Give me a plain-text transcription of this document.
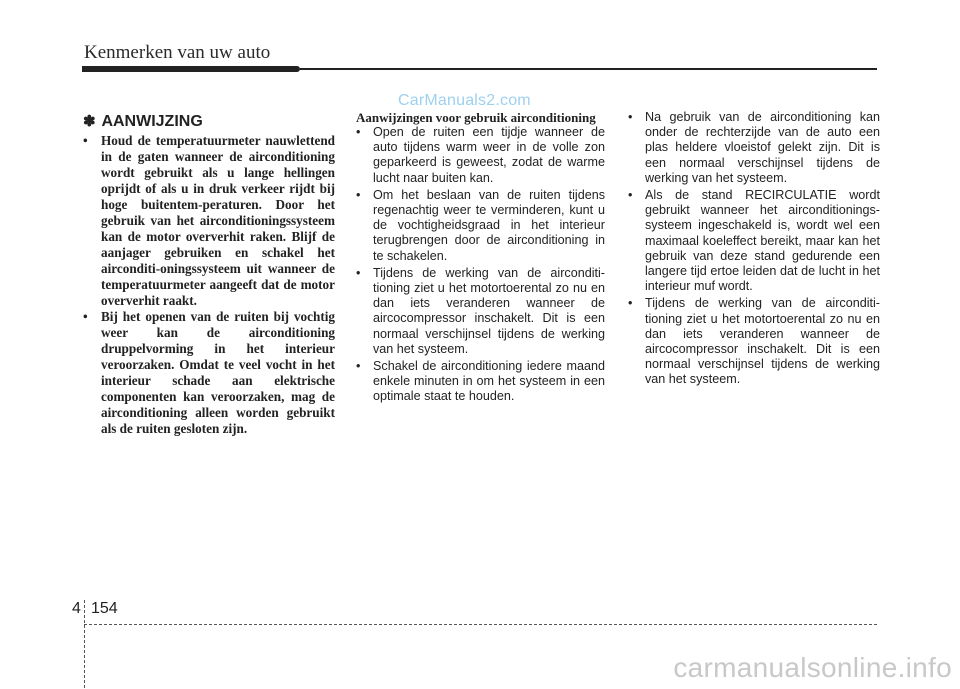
Kenmerken van uw auto
CarManuals2.com
✽ AANWIJZING
• Houd de temperatuurmeter nauwlettend in de gaten wanneer de airconditioning wordt gebruikt als u lange hellingen oprijdt of als u in druk verkeer rijdt bij hoge buitentem-peraturen. Door het gebruik van het airconditioningssysteem kan de motor oververhit raken. Blijf de aanjager gebruiken en schakel het airconditi-oningssysteem uit wanneer de temperatuurmeter aangeeft dat de motor oververhit raakt.
• Bij het openen van de ruiten bij vochtig weer kan de airconditioning druppelvorming in het interieur veroorzaken. Omdat te veel vocht in het interieur schade aan elektrische componenten kan veroorzaken, mag de airconditioning alleen worden gebruikt als de ruiten gesloten zijn.
Aanwijzingen voor gebruik airconditioning
• Open de ruiten een tijdje wanneer de auto tijdens warm weer in de volle zon geparkeerd is geweest, zodat de warme lucht naar buiten kan.
• Om het beslaan van de ruiten tijdens regenachtig weer te verminderen, kunt u de vochtigheidsgraad in het interieur terugbrengen door de airconditioning in te schakelen.
• Tijdens de werking van de airconditi-tioning ziet u het motortoerental zo nu en dan iets veranderen wanneer de aircocompressor inschakelt. Dit is een normaal verschijnsel tijdens de werking van het systeem.
• Schakel de airconditioning iedere maand enkele minuten in om het systeem in een optimale staat te houden.
• Na gebruik van de airconditioning kan onder de rechterzijde van de auto een plas heldere vloeistof gelekt zijn. Dit is een normaal verschijnsel tijdens de werking van het systeem.
• Als de stand RECIRCULATIE wordt gebruikt wanneer het airconditionings-systeem ingeschakeld is, wordt wel een maximaal koeleffect bereikt, maar kan het gebruik van deze stand gedurende een langere tijd ertoe leiden dat de lucht in het interieur muf wordt.
• Tijdens de werking van de airconditi-tioning ziet u het motortoerental zo nu en dan iets veranderen wanneer de aircocompressor inschakelt. Dit is een normaal verschijnsel tijdens de werking van het systeem.
4 154
carmanualsonline.info
